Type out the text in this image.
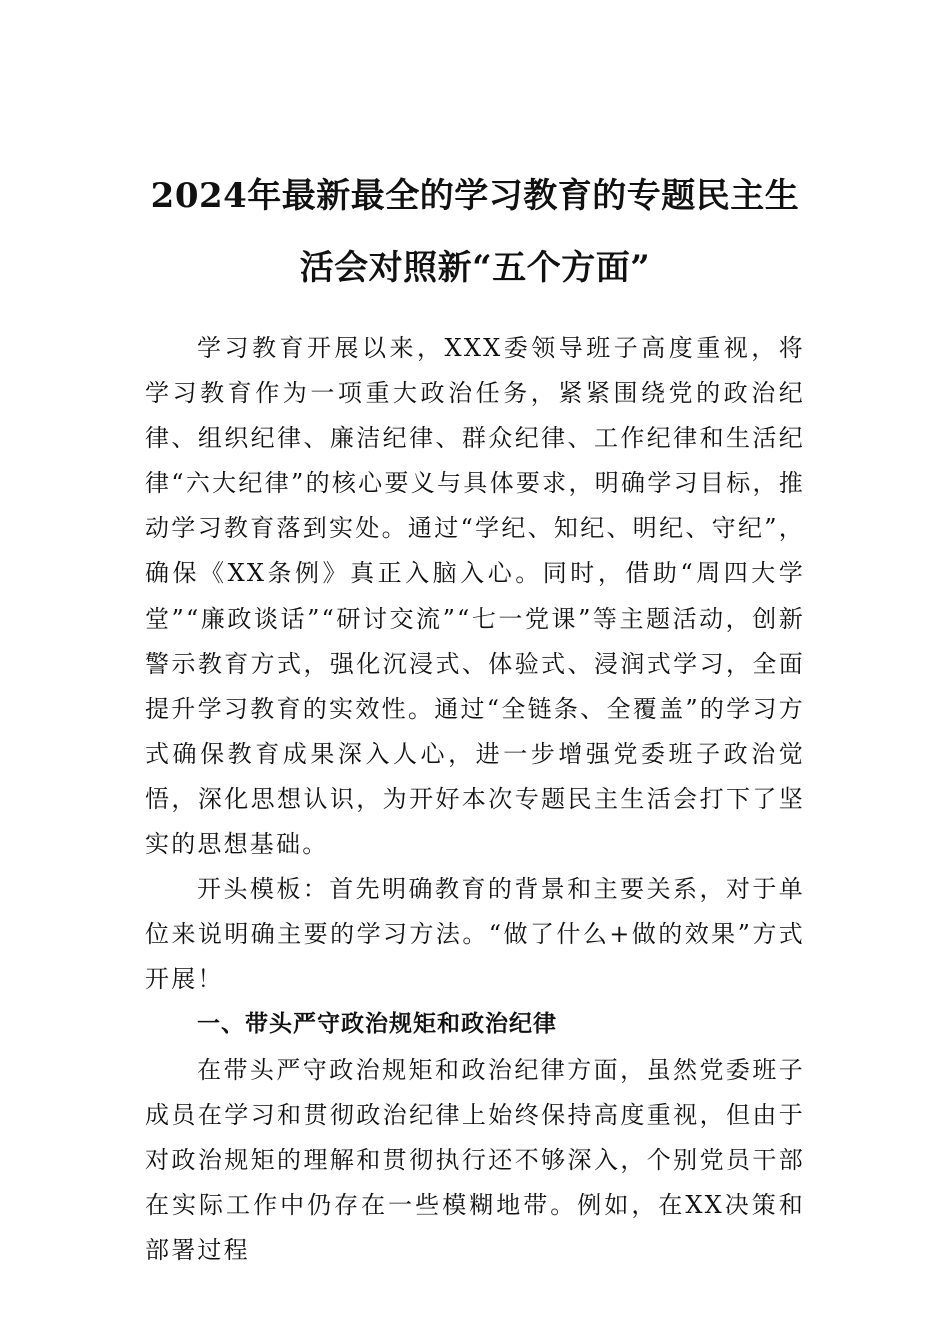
2024年最新最全的学习教育的专题民主生
活会对照新“五个方面”

学习教育开展以来，XXX委领导班子高度重视，将学习教育作为一项重大政治任务，紧紧围绕党的政治纪律、组织纪律、廉洁纪律、群众纪律、工作纪律和生活纪律“六大纪律”的核心要义与具体要求，明确学习目标，推动学习教育落到实处。通过“学纪、知纪、明纪、守纪”，确保《XX条例》真正入脑入心。同时，借助“周四大学堂”“廉政谈话”“研讨交流”“七一党课”等主题活动，创新警示教育方式，强化沉浸式、体验式、浸润式学习，全面提升学习教育的实效性。通过“全链条、全覆盖”的学习方式确保教育成果深入人心，进一步增强党委班子政治觉悟，深化思想认识，为开好本次专题民主生活会打下了坚实的思想基础。

开头模板：首先明确教育的背景和主要关系，对于单位来说明确主要的学习方法。“做了什么+做的效果”方式开展！

一、带头严守政治规矩和政治纪律

在带头严守政治规矩和政治纪律方面，虽然党委班子成员在学习和贯彻政治纪律上始终保持高度重视，但由于对政治规矩的理解和贯彻执行还不够深入，个别党员干部在实际工作中仍存在一些模糊地带。例如，在XX决策和部署过程
